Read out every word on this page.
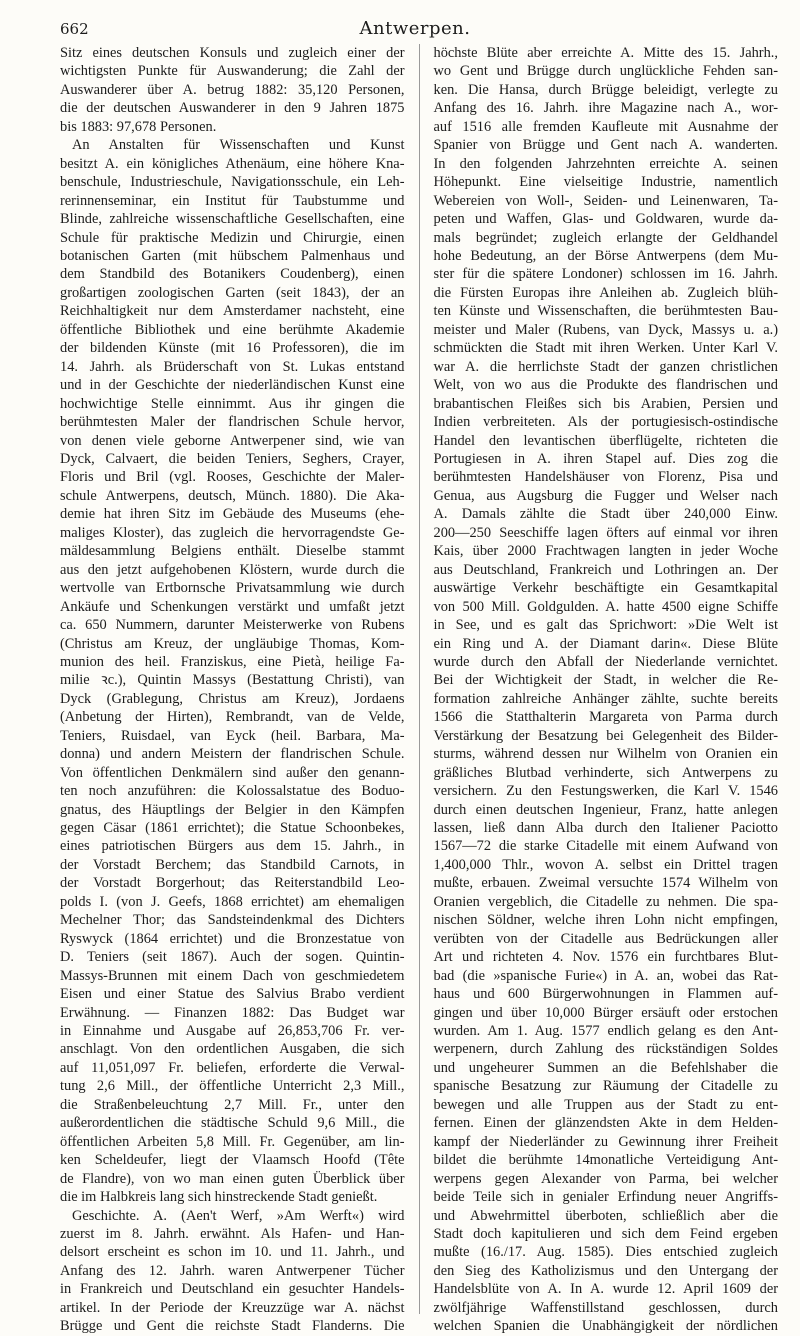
662	Antwerpen.
Sitz eines deutschen Konsuls und zugleich einer der
wichtigsten Punkte für Auswanderung; die Zahl der
Auswanderer über A. betrug 1882: 35,120 Personen,
die der deutschen Auswanderer in den 9 Jahren 1875
bis 1883: 97,678 Personen.
An Anstalten für Wissenschaften und Kunst
besitzt A. ein königliches Athenäum, eine höhere Kna-
benschule, Industrieschule, Navigationsschule, ein Leh-
rerinnenseminar, ein Institut für Taubstumme und
Blinde, zahlreiche wissenschaftliche Gesellschaften, eine
Schule für praktische Medizin und Chirurgie, einen
botanischen Garten (mit hübschem Palmenhaus und
dem Standbild des Botanikers Coudenberg), einen
großartigen zoologischen Garten (seit 1843), der an
Reichhaltigkeit nur dem Amsterdamer nachsteht, eine
öffentliche Bibliothek und eine berühmte Akademie
der bildenden Künste (mit 16 Professoren), die im
14. Jahrh. als Brüderschaft von St. Lukas entstand
und in der Geschichte der niederländischen Kunst eine
hochwichtige Stelle einnimmt. Aus ihr gingen die
berühmtesten Maler der flandrischen Schule hervor,
von denen viele geborne Antwerpener sind, wie van
Dyck, Calvaert, die beiden Teniers, Seghers, Crayer,
Floris und Bril (vgl. Rooses, Geschichte der Maler-
schule Antwerpens, deutsch, Münch. 1880). Die Aka-
demie hat ihren Sitz im Gebäude des Museums (ehe-
maliges Kloster), das zugleich die hervorragendste Ge-
mäldesammlung Belgiens enthält. Dieselbe stammt
aus den jetzt aufgehobenen Klöstern, wurde durch die
wertvolle van Ertbornsche Privatsammlung wie durch
Ankäufe und Schenkungen verstärkt und umfaßt jetzt
ca. 650 Nummern, darunter Meisterwerke von Rubens
(Christus am Kreuz, der ungläubige Thomas, Kom-
munion des heil. Franziskus, eine Pietà, heilige Fa-
milie ꝛc.), Quintin Massys (Bestattung Christi), van
Dyck (Grablegung, Christus am Kreuz), Jordaens
(Anbetung der Hirten), Rembrandt, van de Velde,
Teniers, Ruisdael, van Eyck (heil. Barbara, Ma-
donna) und andern Meistern der flandrischen Schule.
Von öffentlichen Denkmälern sind außer den genann-
ten noch anzuführen: die Kolossalstatue des Boduo-
gnatus, des Häuptlings der Belgier in den Kämpfen
gegen Cäsar (1861 errichtet); die Statue Schoonbekes,
eines patriotischen Bürgers aus dem 15. Jahrh., in
der Vorstadt Berchem; das Standbild Carnots, in
der Vorstadt Borgerhout; das Reiterstandbild Leo-
polds I. (von J. Geefs, 1868 errichtet) am ehemaligen
Mechelner Thor; das Sandsteindenkmal des Dichters
Ryswyck (1864 errichtet) und die Bronzestatue von
D. Teniers (seit 1867). Auch der sogen. Quintin-
Massys-Brunnen mit einem Dach von geschmiedetem
Eisen und einer Statue des Salvius Brabo verdient
Erwähnung. — Finanzen 1882: Das Budget war
in Einnahme und Ausgabe auf 26,853,706 Fr. ver-
anschlagt. Von den ordentlichen Ausgaben, die sich
auf 11,051,097 Fr. beliefen, erforderte die Verwal-
tung 2,6 Mill., der öffentliche Unterricht 2,3 Mill.,
die Straßenbeleuchtung 2,7 Mill. Fr., unter den
außerordentlichen die städtische Schuld 9,6 Mill., die
öffentlichen Arbeiten 5,8 Mill. Fr. Gegenüber, am lin-
ken Scheldeufer, liegt der Vlaamsch Hoofd (Tête
de Flandre), von wo man einen guten Überblick über
die im Halbkreis lang sich hinstreckende Stadt genießt.
Geschichte. A. (Aen't Werf, »Am Werft«) wird
zuerst im 8. Jahrh. erwähnt. Als Hafen- und Han-
delsort erscheint es schon im 10. und 11. Jahrh., und
Anfang des 12. Jahrh. waren Antwerpener Tücher
in Frankreich und Deutschland ein gesuchter Handels-
artikel. In der Periode der Kreuzzüge war A. nächst
Brügge und Gent die reichste Stadt Flanderns. Die
höchste Blüte aber erreichte A. Mitte des 15. Jahrh.,
wo Gent und Brügge durch unglückliche Fehden san-
ken. Die Hansa, durch Brügge beleidigt, verlegte zu
Anfang des 16. Jahrh. ihre Magazine nach A., wor-
auf 1516 alle fremden Kaufleute mit Ausnahme der
Spanier von Brügge und Gent nach A. wanderten.
In den folgenden Jahrzehnten erreichte A. seinen
Höhepunkt. Eine vielseitige Industrie, namentlich
Webereien von Woll-, Seiden- und Leinenwaren, Ta-
peten und Waffen, Glas- und Goldwaren, wurde da-
mals begründet; zugleich erlangte der Geldhandel
hohe Bedeutung, an der Börse Antwerpens (dem Mu-
ster für die spätere Londoner) schlossen im 16. Jahrh.
die Fürsten Europas ihre Anleihen ab. Zugleich blüh-
ten Künste und Wissenschaften, die berühmtesten Bau-
meister und Maler (Rubens, van Dyck, Massys u. a.)
schmückten die Stadt mit ihren Werken. Unter Karl V.
war A. die herrlichste Stadt der ganzen christlichen
Welt, von wo aus die Produkte des flandrischen und
brabantischen Fleißes sich bis Arabien, Persien und
Indien verbreiteten. Als der portugiesisch-ostindische
Handel den levantischen überflügelte, richteten die
Portugiesen in A. ihren Stapel auf. Dies zog die
berühmtesten Handelshäuser von Florenz, Pisa und
Genua, aus Augsburg die Fugger und Welser nach
A. Damals zählte die Stadt über 240,000 Einw.
200—250 Seeschiffe lagen öfters auf einmal vor ihren
Kais, über 2000 Frachtwagen langten in jeder Woche
aus Deutschland, Frankreich und Lothringen an. Der
auswärtige Verkehr beschäftigte ein Gesamtkapital
von 500 Mill. Goldgulden. A. hatte 4500 eigne Schiffe
in See, und es galt das Sprichwort: »Die Welt ist
ein Ring und A. der Diamant darin«. Diese Blüte
wurde durch den Abfall der Niederlande vernichtet.
Bei der Wichtigkeit der Stadt, in welcher die Re-
formation zahlreiche Anhänger zählte, suchte bereits
1566 die Statthalterin Margareta von Parma durch
Verstärkung der Besatzung bei Gelegenheit des Bilder-
sturms, während dessen nur Wilhelm von Oranien ein
gräßliches Blutbad verhinderte, sich Antwerpens zu
versichern. Zu den Festungswerken, die Karl V. 1546
durch einen deutschen Ingenieur, Franz, hatte anlegen
lassen, ließ dann Alba durch den Italiener Paciotto
1567—72 die starke Citadelle mit einem Aufwand von
1,400,000 Thlr., wovon A. selbst ein Drittel tragen
mußte, erbauen. Zweimal versuchte 1574 Wilhelm von
Oranien vergeblich, die Citadelle zu nehmen. Die spa-
nischen Söldner, welche ihren Lohn nicht empfingen,
verübten von der Citadelle aus Bedrückungen aller
Art und richteten 4. Nov. 1576 ein furchtbares Blut-
bad (die »spanische Furie«) in A. an, wobei das Rat-
haus und 600 Bürgerwohnungen in Flammen auf-
gingen und über 10,000 Bürger ersäuft oder erstochen
wurden. Am 1. Aug. 1577 endlich gelang es den Ant-
werpenern, durch Zahlung des rückständigen Soldes
und ungeheurer Summen an die Befehlshaber die
spanische Besatzung zur Räumung der Citadelle zu
bewegen und alle Truppen aus der Stadt zu ent-
fernen. Einen der glänzendsten Akte in dem Helden-
kampf der Niederländer zu Gewinnung ihrer Freiheit
bildet die berühmte 14monatliche Verteidigung Ant-
werpens gegen Alexander von Parma, bei welcher
beide Teile sich in genialer Erfindung neuer Angriffs-
und Abwehrmittel überboten, schließlich aber die
Stadt doch kapitulieren und sich dem Feind ergeben
mußte (16./17. Aug. 1585). Dies entschied zugleich
den Sieg des Katholizismus und den Untergang der
Handelsblüte von A. In A. wurde 12. April 1609 der
zwölfjährige Waffenstillstand geschlossen, durch
welchen Spanien die Unabhängigkeit der nördlichen
